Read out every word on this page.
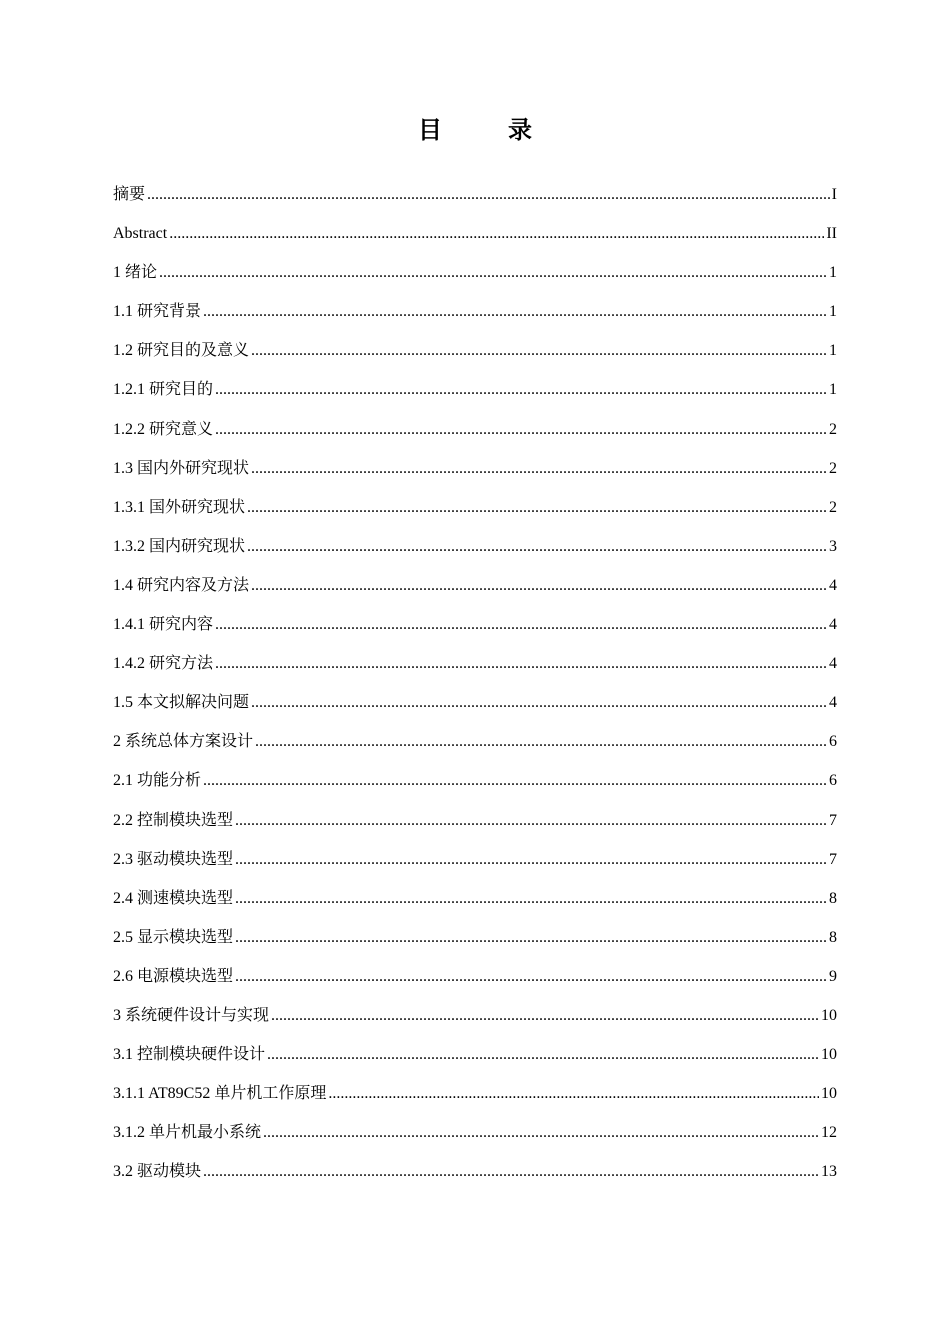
目 录
摘要 .....	I
Abstract .....	II
1 绪论 .....	1
1.1 研究背景 .....	1
1.2 研究目的及意义 .....	1
1.2.1 研究目的 .....	1
1.2.2 研究意义 .....	2
1.3 国内外研究现状 .....	2
1.3.1 国外研究现状 .....	2
1.3.2 国内研究现状 .....	3
1.4 研究内容及方法 .....	4
1.4.1 研究内容 .....	4
1.4.2 研究方法 .....	4
1.5 本文拟解决问题 .....	4
2 系统总体方案设计 .....	6
2.1 功能分析 .....	6
2.2 控制模块选型 .....	7
2.3 驱动模块选型 .....	7
2.4 测速模块选型 .....	8
2.5 显示模块选型 .....	8
2.6 电源模块选型 .....	9
3 系统硬件设计与实现 .....	10
3.1 控制模块硬件设计 .....	10
3.1.1 AT89C52 单片机工作原理 .....	10
3.1.2 单片机最小系统 .....	12
3.2 驱动模块 .....	13
